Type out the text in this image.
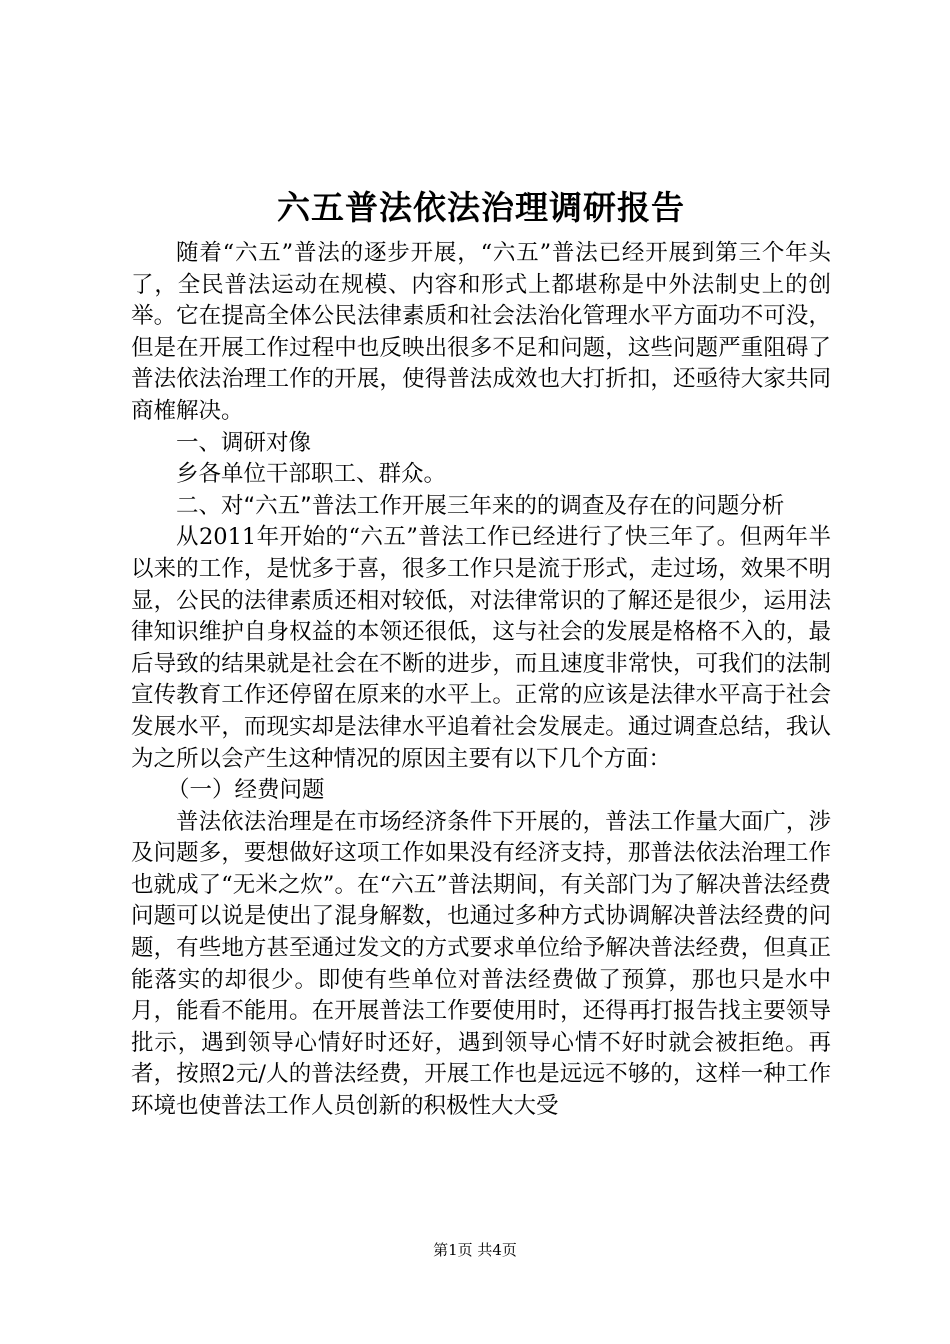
六五普法依法治理调研报告

随着“六五”普法的逐步开展，“六五”普法已经开展到第三个年头了，全民普法运动在规模、内容和形式上都堪称是中外法制史上的创举。它在提高全体公民法律素质和社会法治化管理水平方面功不可没，但是在开展工作过程中也反映出很多不足和问题，这些问题严重阻碍了普法依法治理工作的开展，使得普法成效也大打折扣，还亟待大家共同商榷解决。

一、调研对像

乡各单位干部职工、群众。

二、对“六五”普法工作开展三年来的的调查及存在的问题分析

从2011年开始的“六五”普法工作已经进行了快三年了。但两年半以来的工作，是忧多于喜，很多工作只是流于形式，走过场，效果不明显，公民的法律素质还相对较低，对法律常识的了解还是很少，运用法律知识维护自身权益的本领还很低，这与社会的发展是格格不入的，最后导致的结果就是社会在不断的进步，而且速度非常快，可我们的法制宣传教育工作还停留在原来的水平上。正常的应该是法律水平高于社会发展水平，而现实却是法律水平追着社会发展走。通过调查总结，我认为之所以会产生这种情况的原因主要有以下几个方面：

（一）经费问题

普法依法治理是在市场经济条件下开展的，普法工作量大面广，涉及问题多，要想做好这项工作如果没有经济支持，那普法依法治理工作也就成了“无米之炊”。在“六五”普法期间，有关部门为了解决普法经费问题可以说是使出了混身解数，也通过多种方式协调解决普法经费的问题，有些地方甚至通过发文的方式要求单位给予解决普法经费，但真正能落实的却很少。即使有些单位对普法经费做了预算，那也只是水中月，能看不能用。在开展普法工作要使用时，还得再打报告找主要领导批示，遇到领导心情好时还好，遇到领导心情不好时就会被拒绝。再者，按照2元/人的普法经费，开展工作也是远远不够的，这样一种工作环境也使普法工作人员创新的积极性大大受

第1页 共4页
